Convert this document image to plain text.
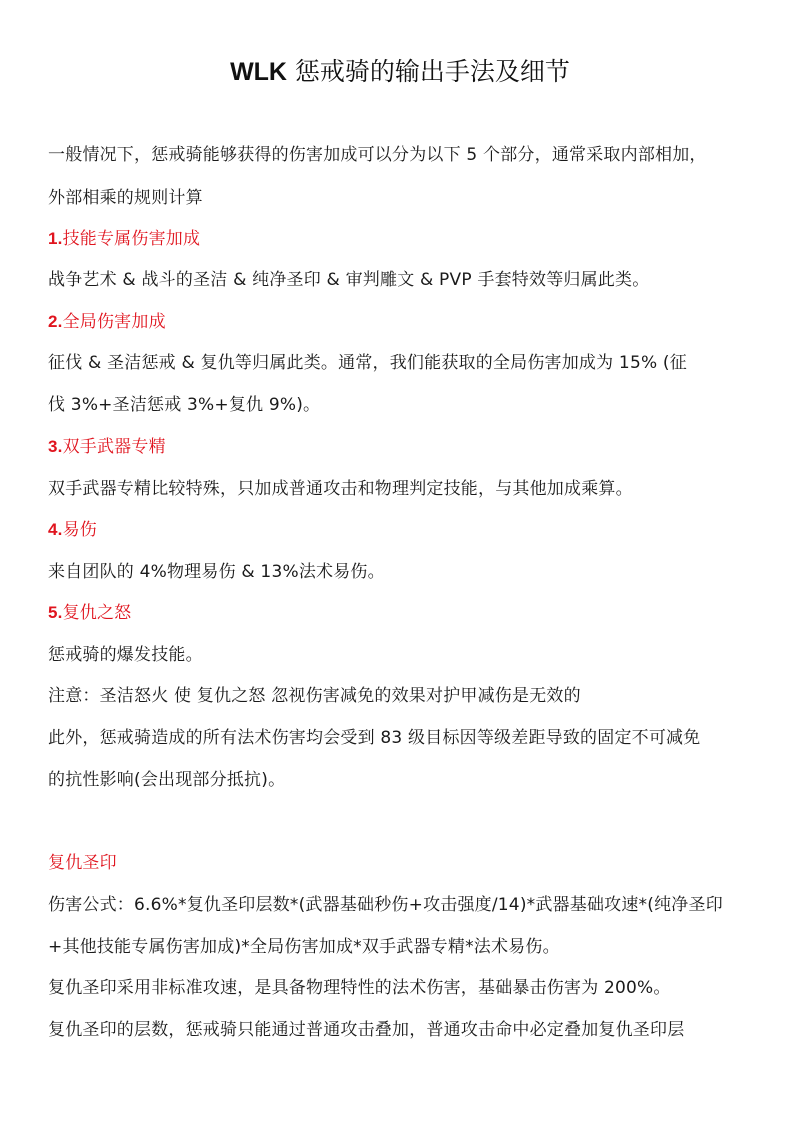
WLK 惩戒骑的输出手法及细节
一般情况下，惩戒骑能够获得的伤害加成可以分为以下 5 个部分，通常采取内部相加，
外部相乘的规则计算
1.技能专属伤害加成
战争艺术 & 战斗的圣洁 & 纯净圣印 & 审判雕文 & PVP 手套特效等归属此类。
2.全局伤害加成
征伐 & 圣洁惩戒 & 复仇等归属此类。通常，我们能获取的全局伤害加成为 15% (征
伐 3%+圣洁惩戒 3%+复仇 9%)。
3.双手武器专精
双手武器专精比较特殊，只加成普通攻击和物理判定技能，与其他加成乘算。
4.易伤
来自团队的 4%物理易伤 & 13%法术易伤。
5.复仇之怒
惩戒骑的爆发技能。
注意：圣洁怒火 使 复仇之怒 忽视伤害减免的效果对护甲减伤是无效的
此外，惩戒骑造成的所有法术伤害均会受到 83 级目标因等级差距导致的固定不可减免
的抗性影响(会出现部分抵抗)。
复仇圣印
伤害公式：6.6%*复仇圣印层数*(武器基础秒伤+攻击强度/14)*武器基础攻速*(纯净圣印
+其他技能专属伤害加成)*全局伤害加成*双手武器专精*法术易伤。
复仇圣印采用非标准攻速，是具备物理特性的法术伤害，基础暴击伤害为 200%。
复仇圣印的层数，惩戒骑只能通过普通攻击叠加，普通攻击命中必定叠加复仇圣印层
